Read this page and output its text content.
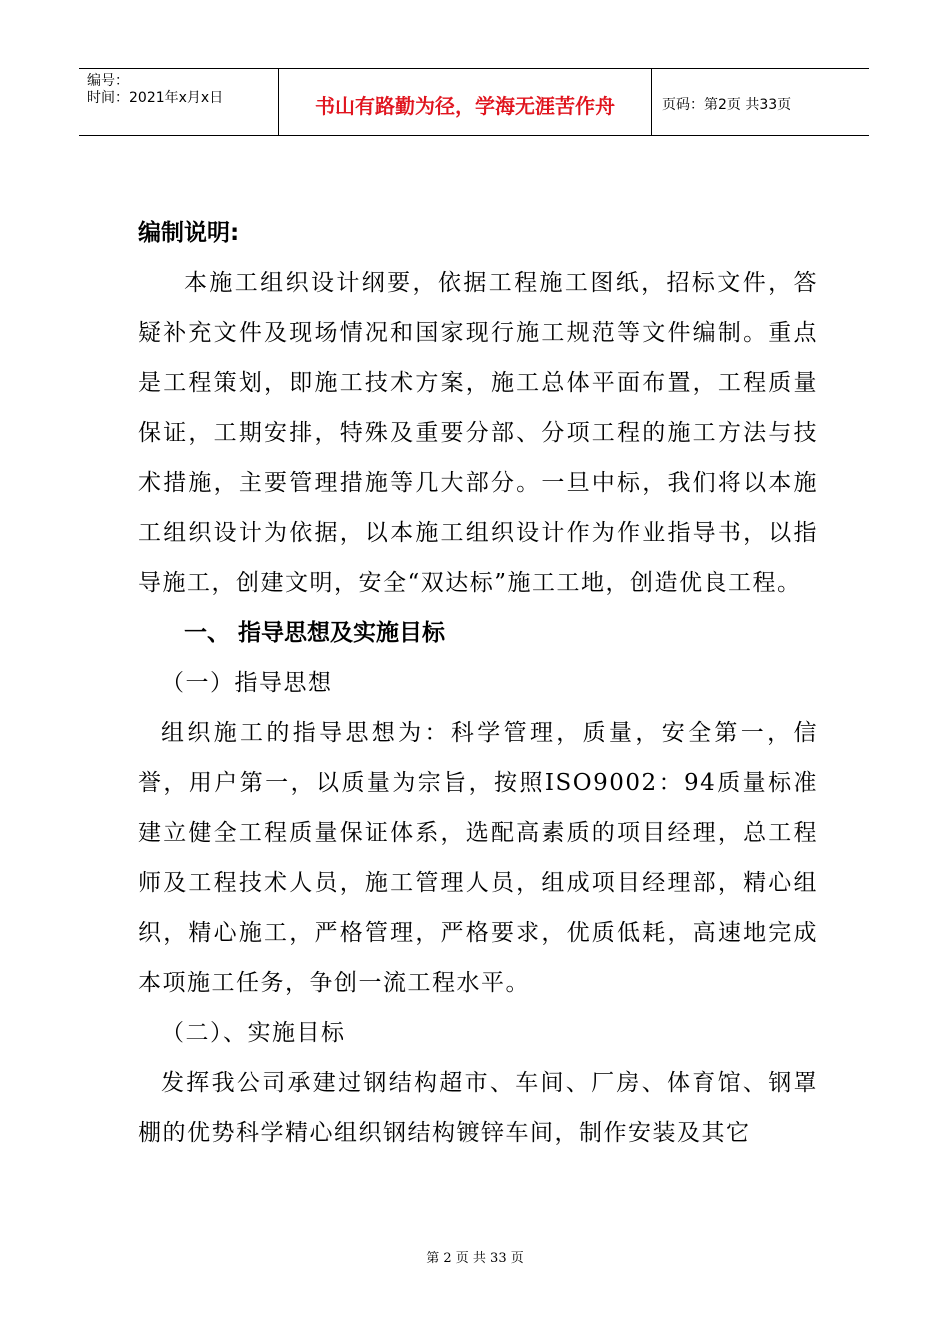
编号：
时间：2021年x月x日	书山有路勤为径，学海无涯苦作舟	页码：第2页 共33页

编制说明:

本施工组织设计纲要，依据工程施工图纸，招标文件，答疑补充文件及现场情况和国家现行施工规范等文件编制。重点是工程策划，即施工技术方案，施工总体平面布置，工程质量保证，工期安排，特殊及重要分部、分项工程的施工方法与技术措施，主要管理措施等几大部分。一旦中标，我们将以本施工组织设计为依据，以本施工组织设计作为作业指导书，以指导施工，创建文明，安全“双达标”施工工地，创造优良工程。

一、 指导思想及实施目标

（一）指导思想

组织施工的指导思想为：科学管理，质量，安全第一，信誉，用户第一，以质量为宗旨，按照ISO9002：94质量标准建立健全工程质量保证体系，选配高素质的项目经理，总工程师及工程技术人员，施工管理人员，组成项目经理部，精心组织，精心施工，严格管理，严格要求，优质低耗，高速地完成本项施工任务，争创一流工程水平。

（二）、实施目标

发挥我公司承建过钢结构超市、车间、厂房、体育馆、钢罩棚的优势科学精心组织钢结构镀锌车间，制作安装及其它

第 2 页 共 33 页
